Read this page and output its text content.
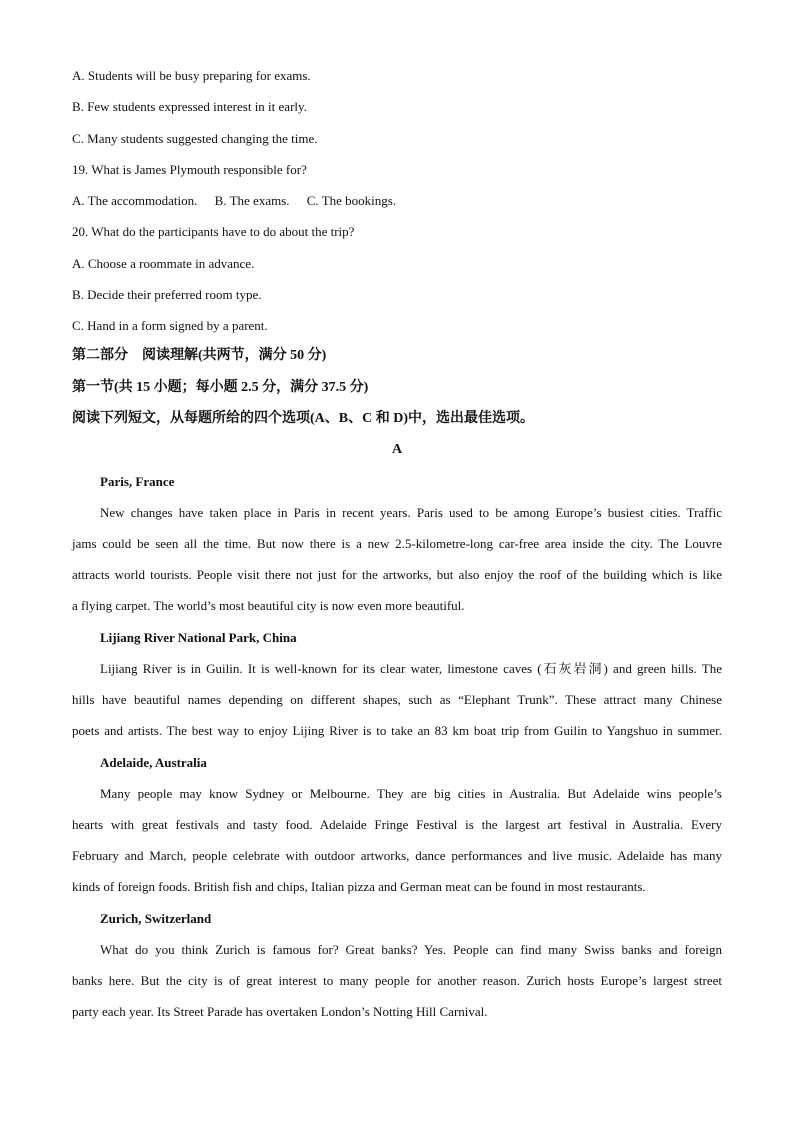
A. Students will be busy preparing for exams.
B. Few students expressed interest in it early.
C. Many students suggested changing the time.
19. What is James Plymouth responsible for?
A. The accommodation. B. The exams. C. The bookings.
20. What do the participants have to do about the trip?
A. Choose a roommate in advance.
B. Decide their preferred room type.
C. Hand in a form signed by a parent.
第二部分　阅读理解(共两节，满分 50 分)
第一节(共 15 小题；每小题 2.5 分，满分 37.5 分)
阅读下列短文，从每题所给的四个选项(A、B、C 和 D)中，选出最佳选项。
A
Paris, France
New changes have taken place in Paris in recent years. Paris used to be among Europe’s busiest cities. Traffic
jams could be seen all the time. But now there is a new 2.5-kilometre-long car-free area inside the city. The Louvre
attracts world tourists. People visit there not just for the artworks, but also enjoy the roof of the building which is like
a flying carpet. The world’s most beautiful city is now even more beautiful.
Lijiang River National Park, China
Lijiang River is in Guilin. It is well-known for its clear water, limestone caves (石灰岩洞) and green hills. The
hills have beautiful names depending on different shapes, such as “Elephant Trunk”. These attract many Chinese
poets and artists. The best way to enjoy Lijing River is to take an 83 km boat trip from Guilin to Yangshuo in summer.
Adelaide, Australia
Many people may know Sydney or Melbourne. They are big cities in Australia. But Adelaide wins people’s
hearts with great festivals and tasty food. Adelaide Fringe Festival is the largest art festival in Australia. Every
February and March, people celebrate with outdoor artworks, dance performances and live music. Adelaide has many
kinds of foreign foods. British fish and chips, Italian pizza and German meat can be found in most restaurants.
Zurich, Switzerland
What do you think Zurich is famous for? Great banks? Yes. People can find many Swiss banks and foreign
banks here. But the city is of great interest to many people for another reason. Zurich hosts Europe’s largest street
party each year. Its Street Parade has overtaken London’s Notting Hill Carnival.
